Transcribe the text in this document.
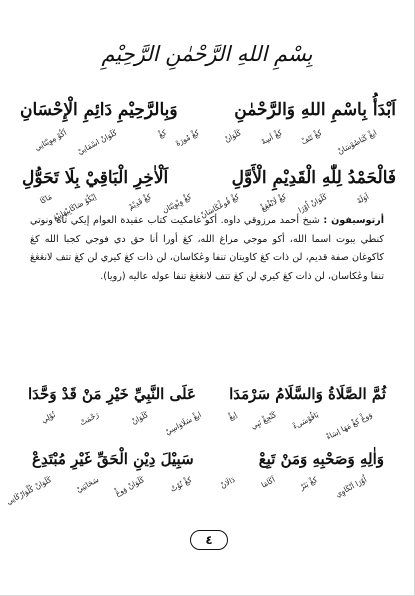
بِسْمِ اللهِ الرَّحْمٰنِ الرَّحِيْمِ
اَبْدَأُ بِاسْمِ اللهِ وَالرَّحْمٰنِ
وَبِالرَّحِيْمِ دَائِمِ الْإِحْسَانِ
اَكُوْ مِوِيْتَانِي كَلَوَانْ اسْمَانِيْ	كڠْ كڠْ مُورَهْ	كَلَوَانْ كڠْ اَسِهْ كڠْ تَتَفْ ايڠْ كَبَاصُوْسَانْ
فَالْحَمْدُ لِلّٰهِ الْقَدِيْمِ الْأَوَّلِ
اَلْاٰخِرِ الْبَاقِيْ بِلَا تَحَوُّلِ
مَاكَا
اِيْكُوْ صَاكَابِيْهَانِيْڠ	كڠْ قَدِيْمْ كڠْ وِيْوِيْتَان كڠْ فُوڠْكَاسَانْ	كڠْ لَانْڠْڠِڠْ كَلَوَانْ اُوْرَا	اَوَلَهْ
أرتوسيفون : شيخ أحمد مرزوقي داوه. أكو غامكيت كتاب عقيدة العوام إيكي تاه ونوتي كنطي يبوت اسما الله، أكو موجي مراغ الله، كڠ أورا أنا حق دي فوجي كجبا الله كڠ كاكوغان صفة قديم، لن ذات كڠ كاويتان تنفا وڠكاسان، لن ذات كڠ كيري لن كڠ تتف لانڠڠڠ تنفا وڠكاسان، لن ذات كڠ كيري لن كڠ تتف لانڠڠڠ تنفا عوله عاليه (رويا).
ثُمَّ الصَّلَاةُ وَالسَّلَامُ سَرْمَدَا
عَلَى النَّبِيِّ خَيْرِ مَنْ قَدْ وَحَّدَا
نُوْلِي	رَحْمَتْ	كَلَوَانْ ايڠْ سَلَاوَاسِيْ	اِيڠْ كَنْجِڠْ نَبِي بَاڤُوْسَىءْ وَوڠْ كڠْ مَهَا اِسَاءْ
وَاٰلِهِ وَصَحْبِهِ وَمَنْ تَبِعْ
سَبِيْلَ دِيْنِ الْحَقِّ غَيْرِ مُبْتَدِعْ
كَلَوَانْ كُلْوَارْكَانِي	سَحَابَتِيْ كَلَوَانْ وَوڠْ	كڠْ نُوْتْ	دَالَانْ	اَكَامَا	كڠْ بَنَرْ اُوْرَا اَنْكَاوِي
٤
